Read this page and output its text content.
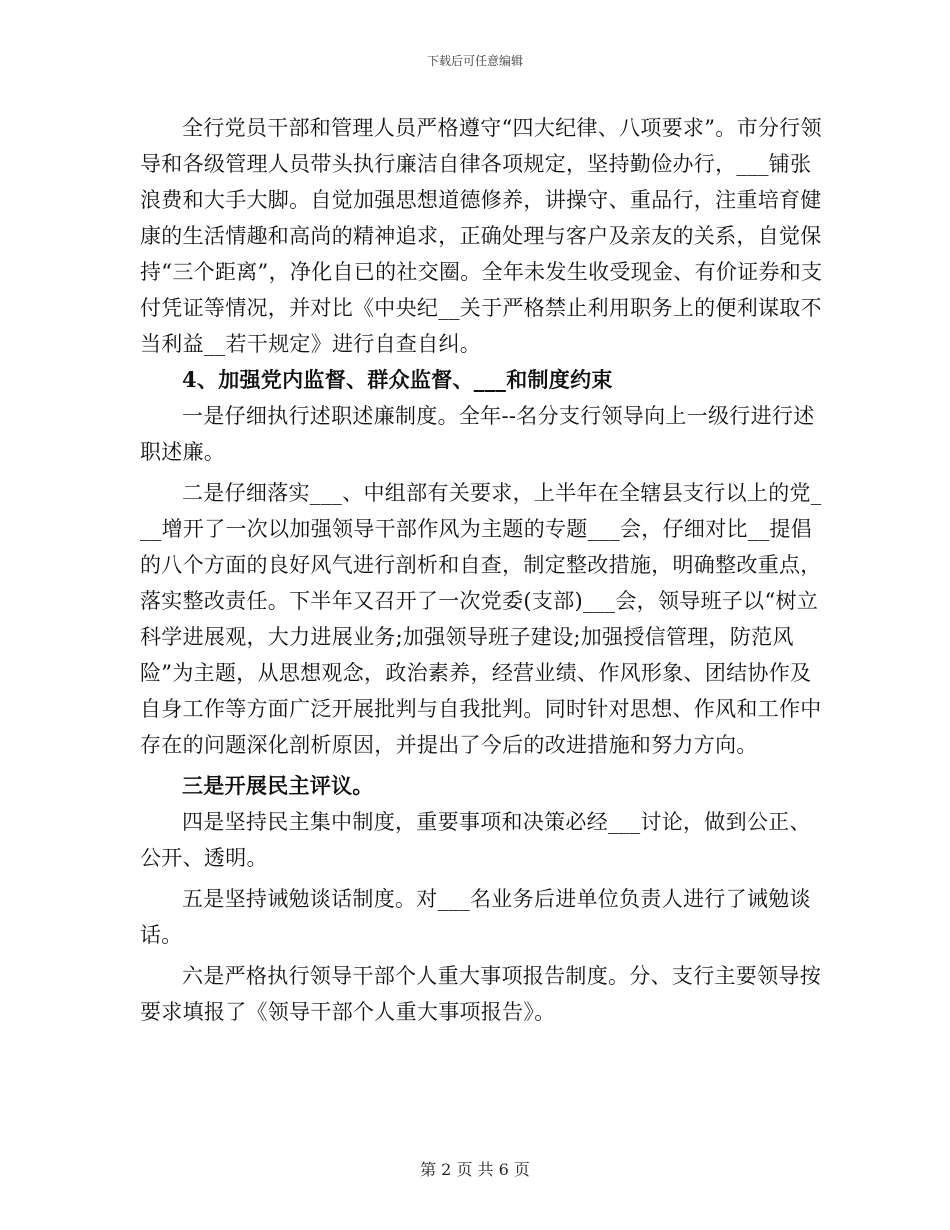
下载后可任意编辑

全行党员干部和管理人员严格遵守“四大纪律、八项要求”。市分行领导和各级管理人员带头执行廉洁自律各项规定，坚持勤俭办行，___铺张浪费和大手大脚。自觉加强思想道德修养，讲操守、重品行，注重培育健康的生活情趣和高尚的精神追求，正确处理与客户及亲友的关系，自觉保持“三个距离”，净化自已的社交圈。全年未发生收受现金、有价证券和支付凭证等情况，并对比《中央纪__关于严格禁止利用职务上的便利谋取不当利益__若干规定》进行自查自纠。

4、加强党内监督、群众监督、___和制度约束

一是仔细执行述职述廉制度。全年--名分支行领导向上一级行进行述职述廉。

二是仔细落实___、中组部有关要求，上半年在全辖县支行以上的党___增开了一次以加强领导干部作风为主题的专题___会，仔细对比__提倡的八个方面的良好风气进行剖析和自查，制定整改措施，明确整改重点，落实整改责任。下半年又召开了一次党委(支部)___会，领导班子以“树立科学进展观，大力进展业务;加强领导班子建设;加强授信管理，防范风险”为主题，从思想观念，政治素养，经营业绩、作风形象、团结协作及自身工作等方面广泛开展批判与自我批判。同时针对思想、作风和工作中存在的问题深化剖析原因，并提出了今后的改进措施和努力方向。

三是开展民主评议。

四是坚持民主集中制度，重要事项和决策必经___讨论，做到公正、公开、透明。

五是坚持诫勉谈话制度。对___名业务后进单位负责人进行了诫勉谈话。

六是严格执行领导干部个人重大事项报告制度。分、支行主要领导按要求填报了《领导干部个人重大事项报告》。

第 2 页 共 6 页
